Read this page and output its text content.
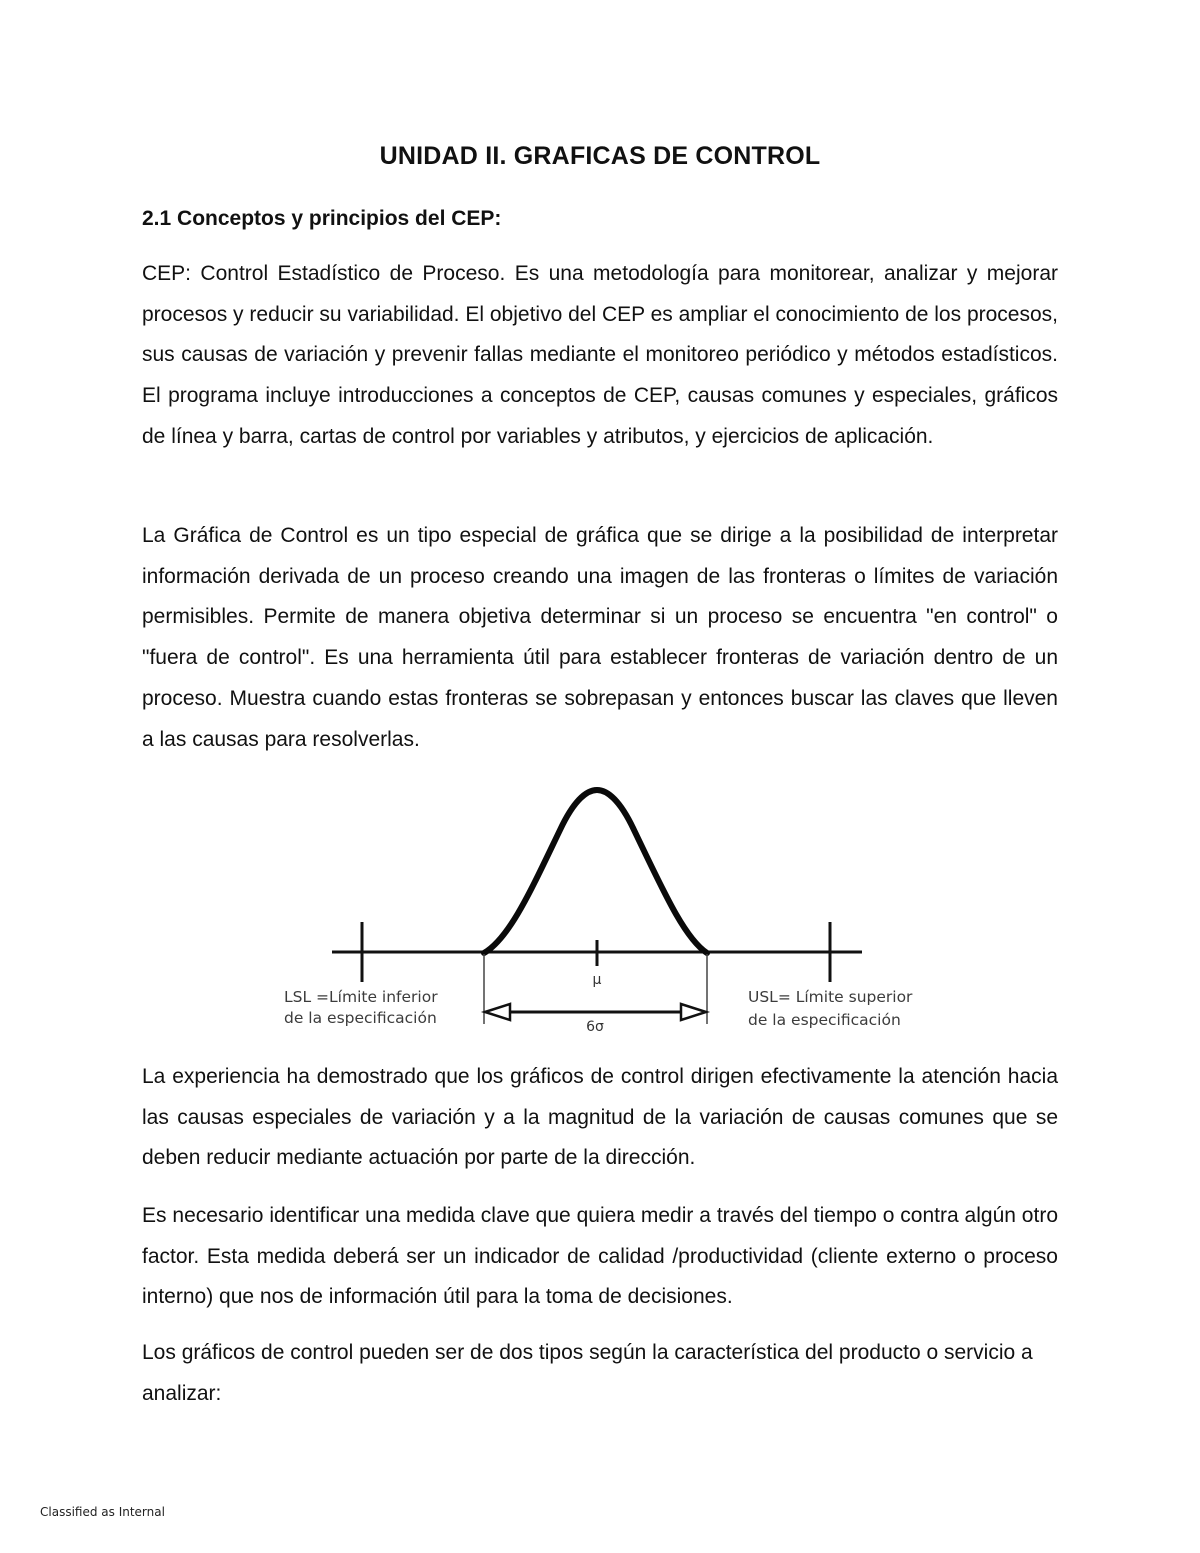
UNIDAD II. GRAFICAS DE CONTROL
2.1 Conceptos y principios del CEP:

CEP: Control Estadístico de Proceso. Es una metodología para monitorear, analizar y mejorar procesos y reducir su variabilidad. El objetivo del CEP es ampliar el conocimiento de los procesos, sus causas de variación y prevenir fallas mediante el monitoreo periódico y métodos estadísticos. El programa incluye introducciones a conceptos de CEP, causas comunes y especiales, gráficos de línea y barra, cartas de control por variables y atributos, y ejercicios de aplicación.

La Gráfica de Control es un tipo especial de gráfica que se dirige a la posibilidad de interpretar información derivada de un proceso creando una imagen de las fronteras o límites de variación permisibles. Permite de manera objetiva determinar si un proceso se encuentra "en control" o "fuera de control". Es una herramienta útil para establecer fronteras de variación dentro de un proceso. Muestra cuando estas fronteras se sobrepasan y entonces buscar las claves que lleven a las causas para resolverlas.

μ
6σ
LSL =Límite inferior
de la especificación
USL= Límite superior
de la especificación

La experiencia ha demostrado que los gráficos de control dirigen efectivamente la atención hacia las causas especiales de variación y a la magnitud de la variación de causas comunes que se deben reducir mediante actuación por parte de la dirección.

Es necesario identificar una medida clave que quiera medir a través del tiempo o contra algún otro factor. Esta medida deberá ser un indicador de calidad /productividad (cliente externo o proceso interno) que nos de información útil para la toma de decisiones.

Los gráficos de control pueden ser de dos tipos según la característica del producto o servicio a analizar:

Classified as Internal
